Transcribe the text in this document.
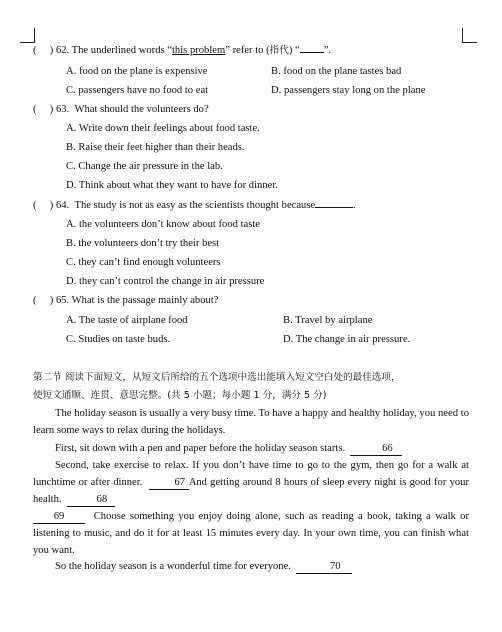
(     ) 62. The underlined words “this problem” refer to (指代) “ ”.
A. food on the plane is expensive	B. food on the plane tastes bad
C. passengers have no food to eat	D. passengers stay long on the plane
(     ) 63.  What should the volunteers do?
A. Write down their feelings about food taste.
B. Raise their feet higher than their heads.
C. Change the air pressure in the lab.
D. Think about what they want to have for dinner.
(     ) 64.  The study is not as easy as the scientists thought because	.
A. the volunteers don’t know about food taste
B. the volunteers don’t try their best
C. they can’t find enough volunteers
D. they can’t control the change in air pressure
(     ) 65. What is the passage mainly about?
A. The taste of airplane food	B. Travel by airplane
C. Studies on taste buds.	D. The change in air pressure.
第二节 阅读下面短文，从短文后所给的五个选项中选出能填入短文空白处的最佳选项，
使短文通顺、连贯、意思完整。(共 5 小题；每小题 1 分，满分 5 分)
The holiday season is usually a very busy time. To have a happy and healthy holiday, you need to learn some ways to relax during the holidays.
First, sit down with a pen and paper before the holiday season starts.	66
Second, take exercise to relax. If you don’t have time to go to the gym, then go for a walk at lunchtime or after dinner.	67 And getting around 8 hours of sleep every night is good for your health.	68
69	Choose something you enjoy doing alone, such as reading a book, taking a walk or listening to music, and do it for at least 15 minutes every day. In your own time, you can finish what you want.
So the holiday season is a wonderful time for everyone.	70
